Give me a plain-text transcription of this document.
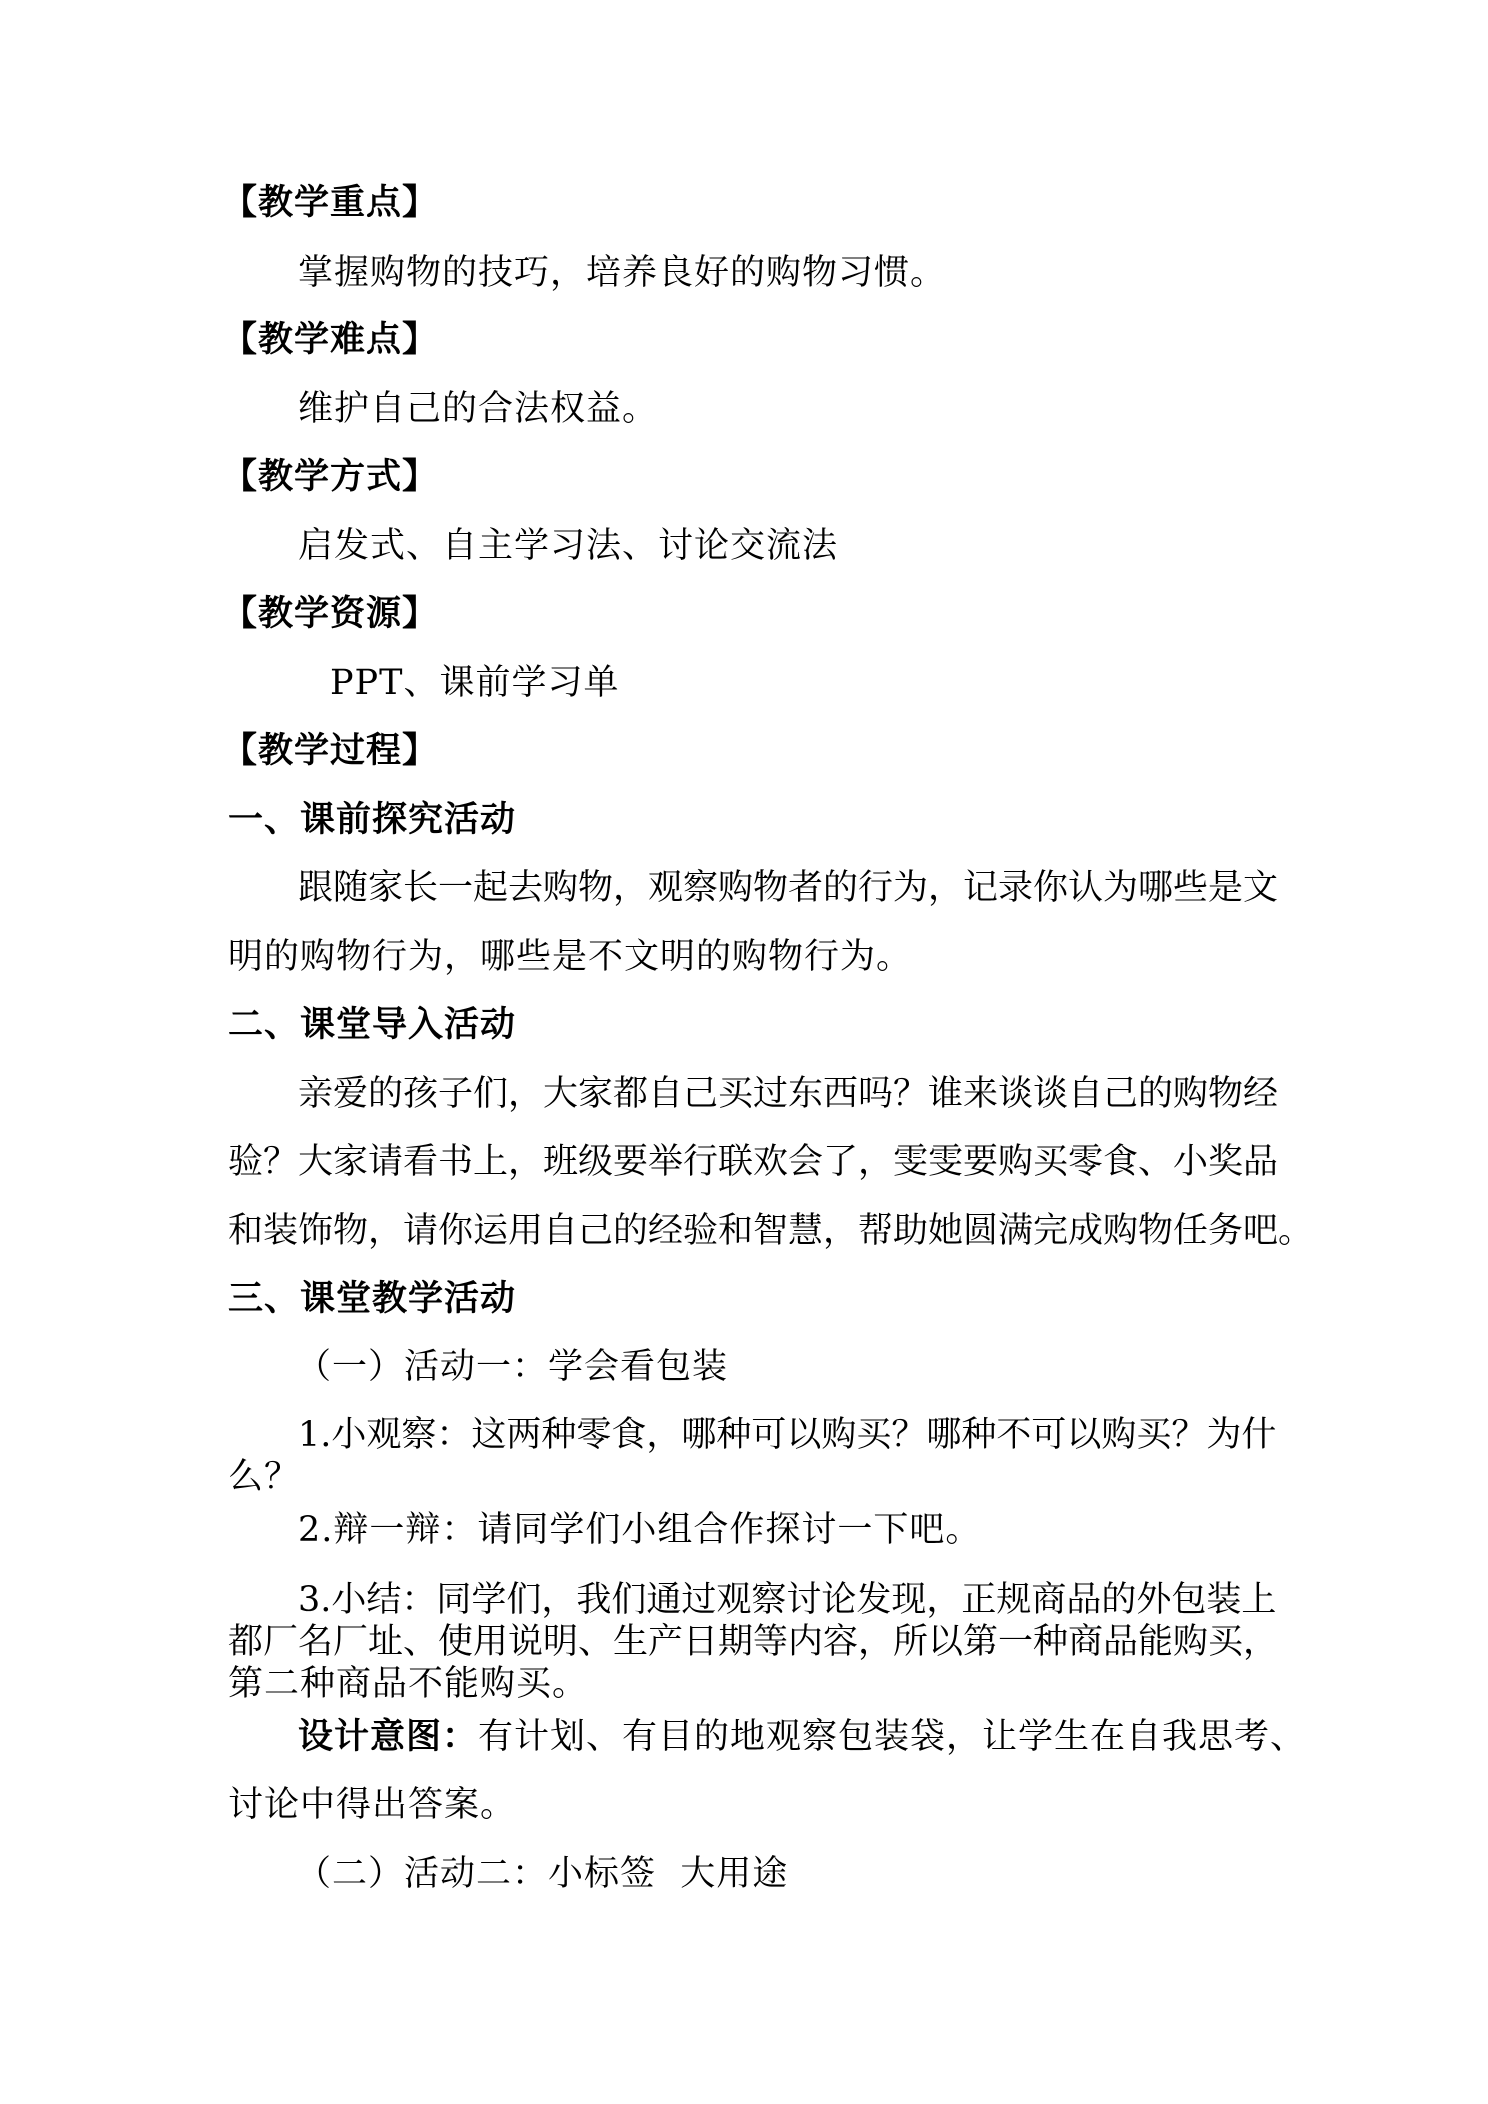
【教学重点】
掌握购物的技巧，培养良好的购物习惯。
【教学难点】
维护自己的合法权益。
【教学方式】
启发式、自主学习法、讨论交流法
【教学资源】
PPT、课前学习单
【教学过程】
一、课前探究活动
跟随家长一起去购物，观察购物者的行为，记录你认为哪些是文
明的购物行为，哪些是不文明的购物行为。
二、课堂导入活动
亲爱的孩子们，大家都自己买过东西吗？谁来谈谈自己的购物经
验？大家请看书上，班级要举行联欢会了，雯雯要购买零食、小奖品
和装饰物，请你运用自己的经验和智慧，帮助她圆满完成购物任务吧。
三、课堂教学活动
（一）活动一：学会看包装
1.小观察：这两种零食，哪种可以购买？哪种不可以购买？为什
么？
2.辩一辩：请同学们小组合作探讨一下吧。
3.小结：同学们，我们通过观察讨论发现，正规商品的外包装上
都厂名厂址、使用说明、生产日期等内容，所以第一种商品能购买，
第二种商品不能购买。
设计意图：有计划、有目的地观察包装袋，让学生在自我思考、
讨论中得出答案。
（二）活动二：小标签  大用途
